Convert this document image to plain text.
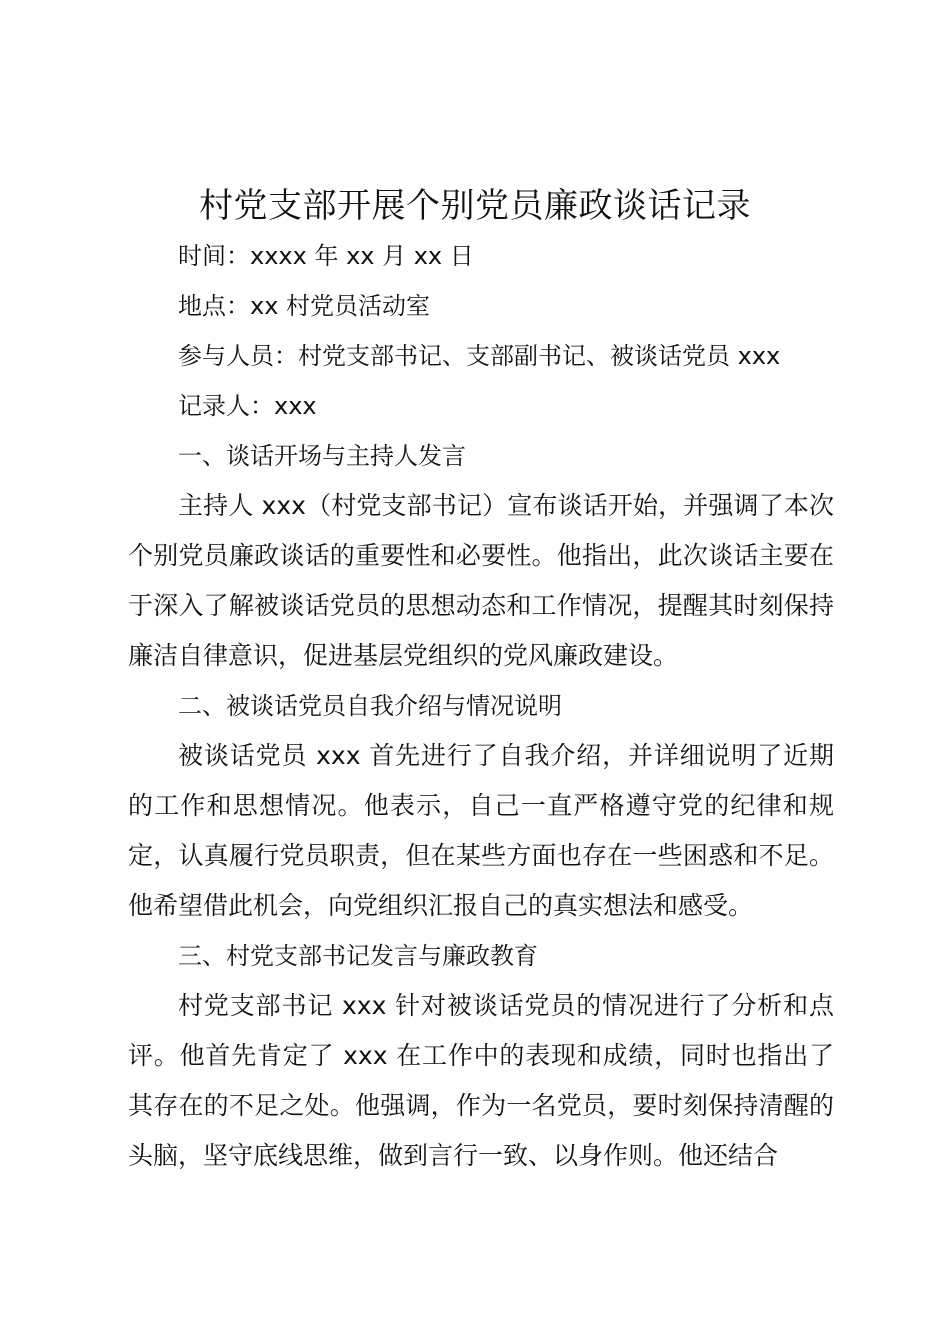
村党支部开展个别党员廉政谈话记录

时间：xxxx 年 xx 月 xx 日

地点：xx 村党员活动室

参与人员：村党支部书记、支部副书记、被谈话党员 xxx

记录人：xxx

一、谈话开场与主持人发言

主持人 xxx（村党支部书记）宣布谈话开始，并强调了本次个别党员廉政谈话的重要性和必要性。他指出，此次谈话主要在于深入了解被谈话党员的思想动态和工作情况，提醒其时刻保持廉洁自律意识，促进基层党组织的党风廉政建设。

二、被谈话党员自我介绍与情况说明

被谈话党员 xxx 首先进行了自我介绍，并详细说明了近期的工作和思想情况。他表示，自己一直严格遵守党的纪律和规定，认真履行党员职责，但在某些方面也存在一些困惑和不足。他希望借此机会，向党组织汇报自己的真实想法和感受。

三、村党支部书记发言与廉政教育

村党支部书记 xxx 针对被谈话党员的情况进行了分析和点评。他首先肯定了 xxx 在工作中的表现和成绩，同时也指出了其存在的不足之处。他强调，作为一名党员，要时刻保持清醒的头脑，坚守底线思维，做到言行一致、以身作则。他还结合
